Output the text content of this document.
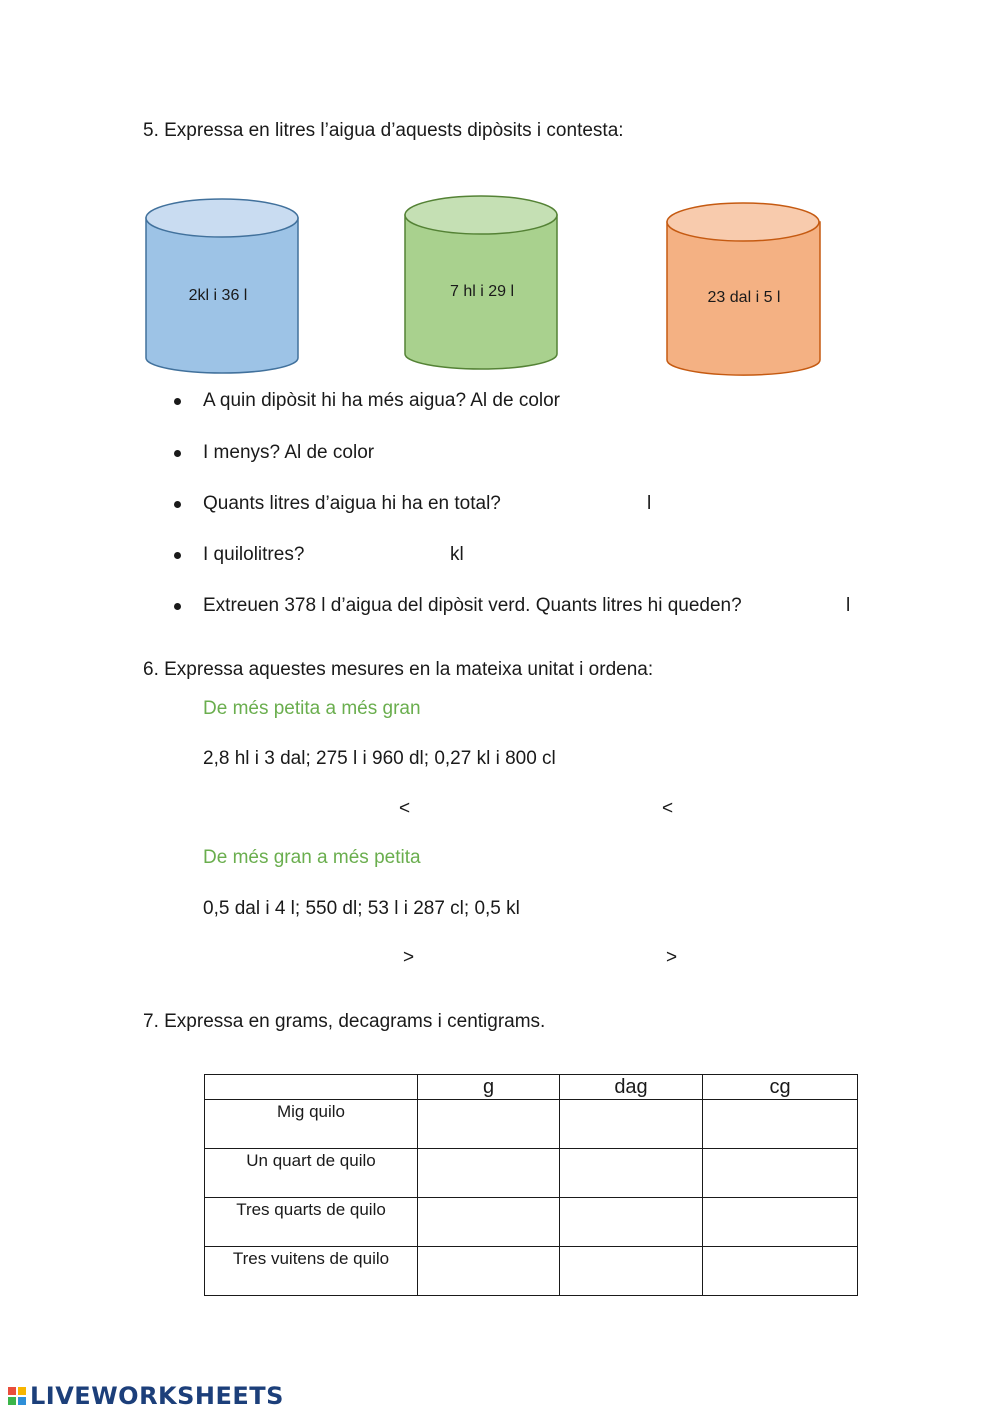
5. Expressa en litres l’aigua d’aquests dipòsits i contesta:
2kl i 36 l	7 hl i 29 l	23 dal i 5 l
A quin dipòsit hi ha més aigua? Al de color
I menys? Al de color
Quants litres d’aigua hi ha en total?	l
I quilolitres?	kl
Extreuen 378 l d’aigua del dipòsit verd. Quants litres hi queden?	l
6. Expressa aquestes mesures en la mateixa unitat i ordena:
De més petita a més gran
2,8 hl i 3 dal; 275 l i 960 dl; 0,27 kl i 800 cl
<	<
De més gran a més petita
0,5 dal i 4 l; 550 dl; 53 l i 287 cl; 0,5 kl
>	>
7. Expressa en grams, decagrams i centigrams.
	g	dag	cg
Mig quilo			
Un quart de quilo			
Tres quarts de quilo			
Tres vuitens de quilo			
LIVEWORKSHEETS
